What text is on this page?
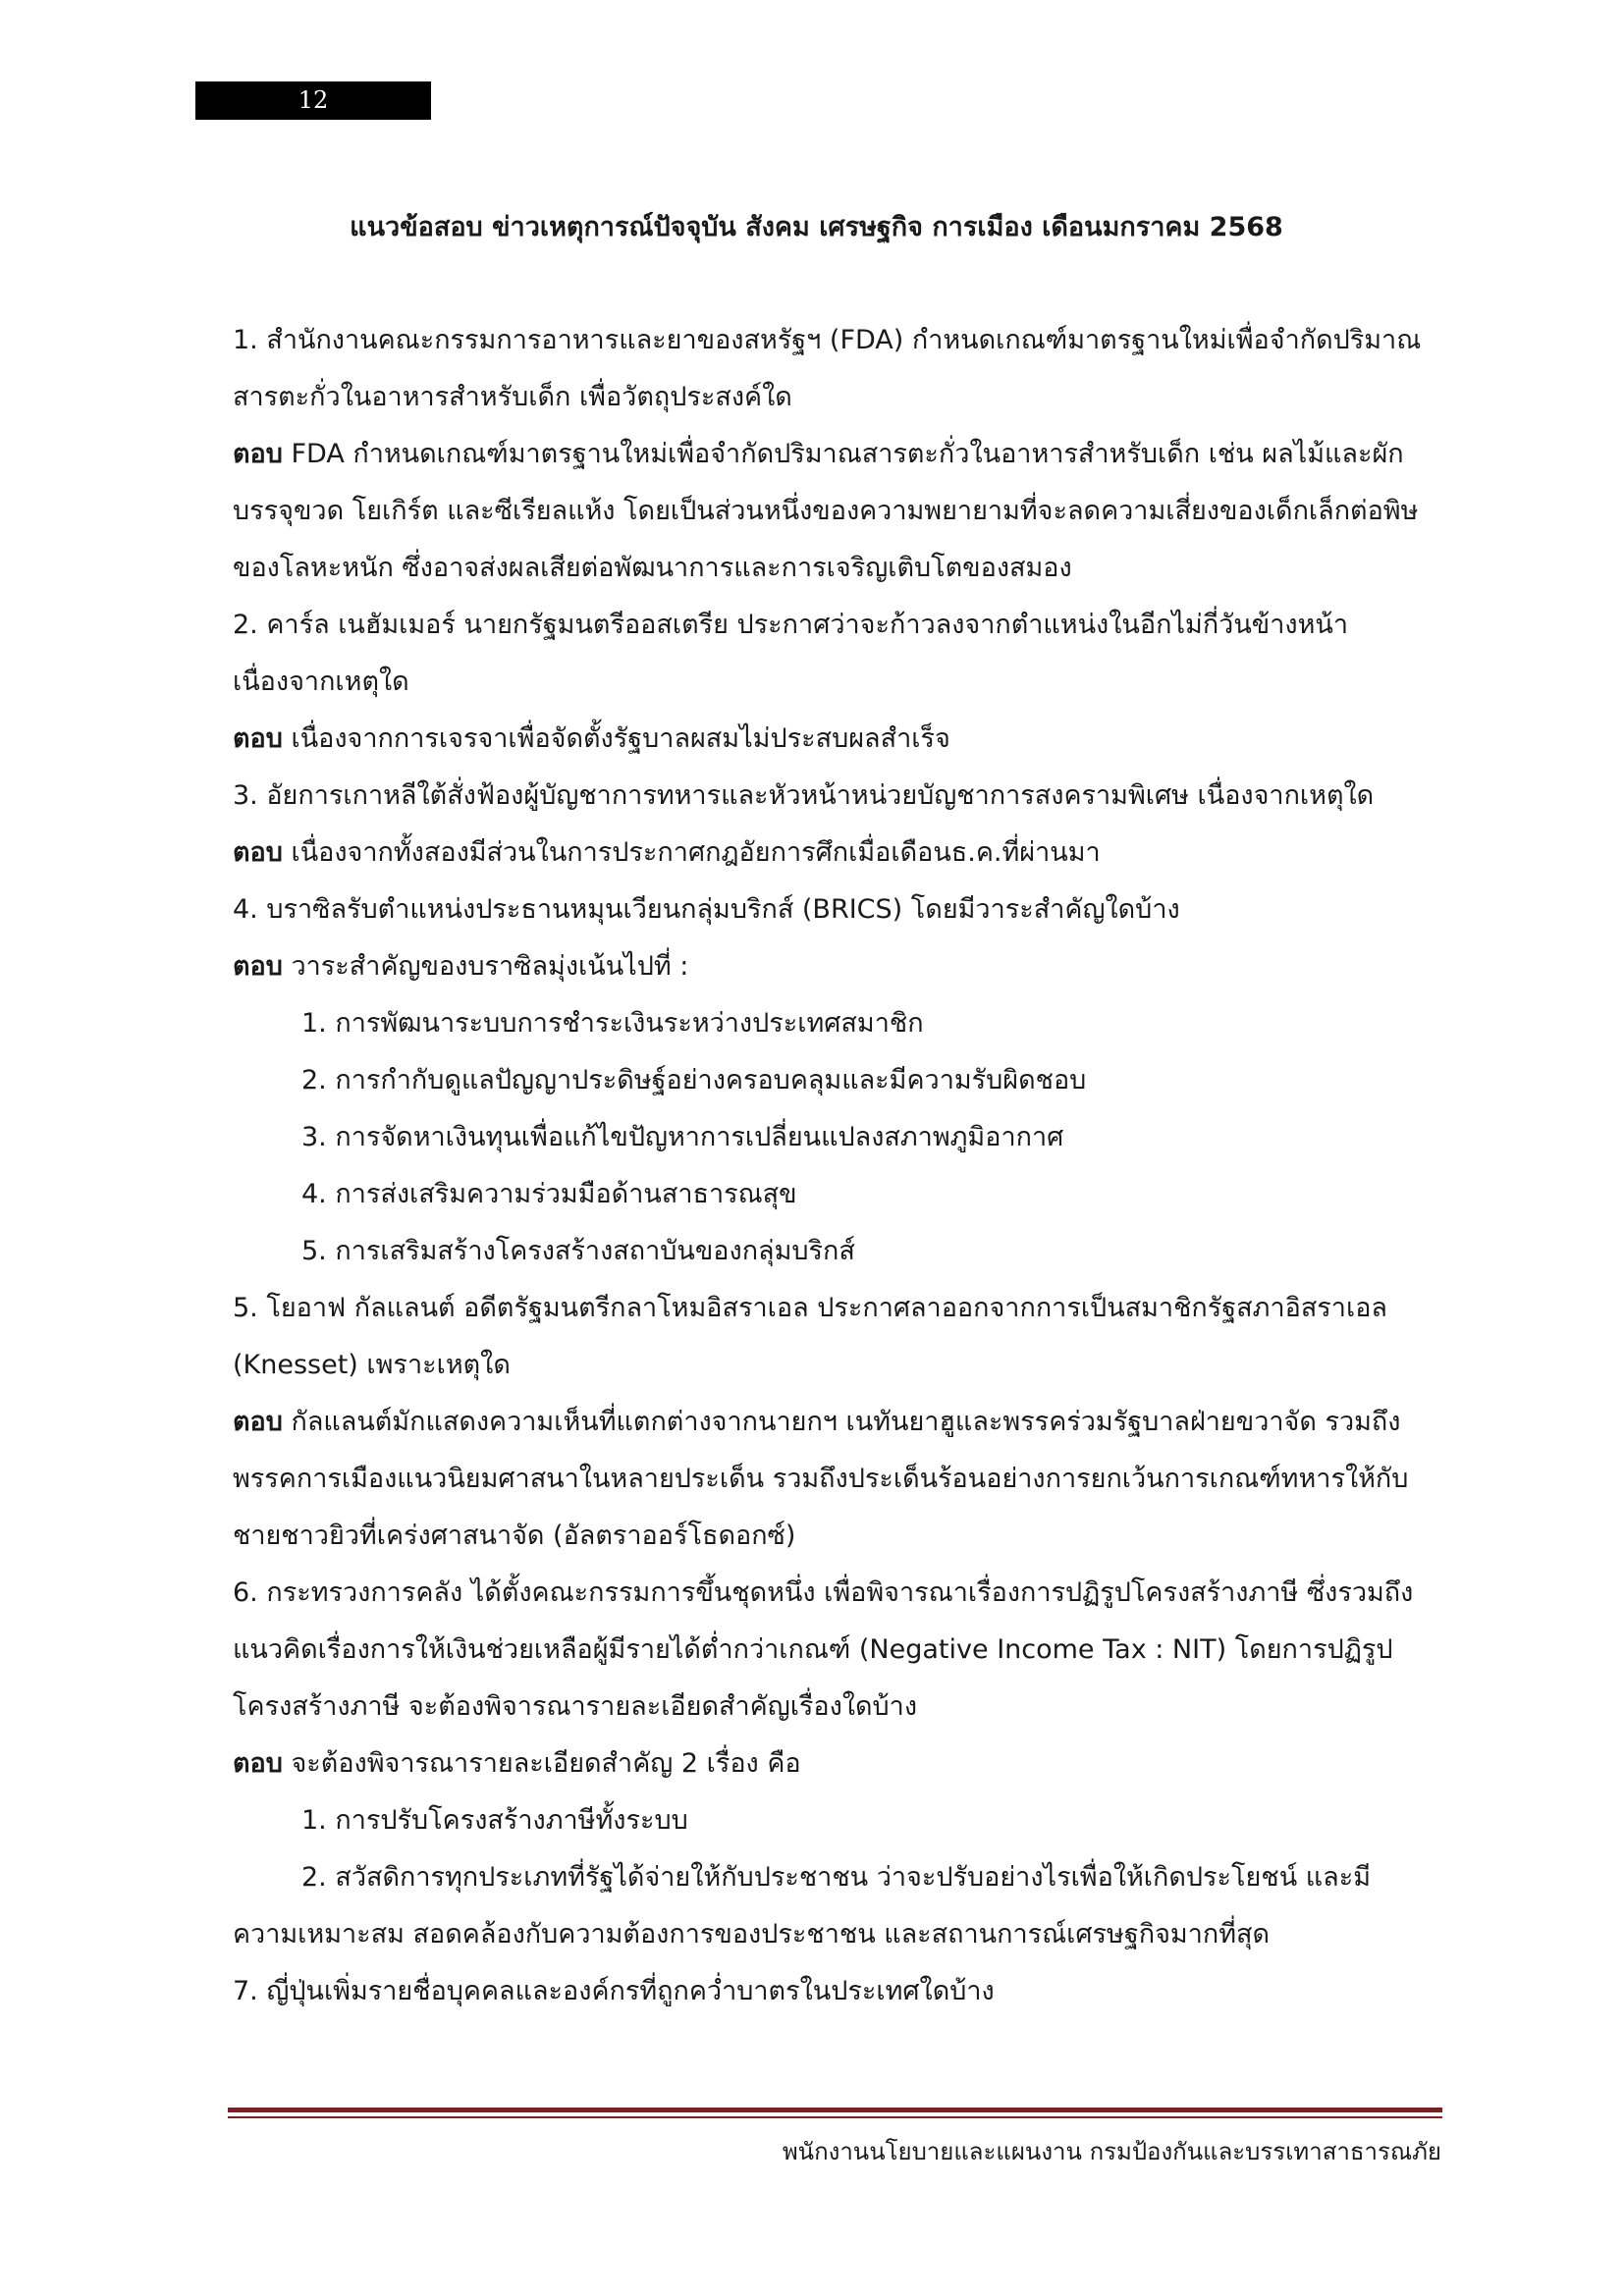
12
แนวข้อสอบ ข่าวเหตุการณ์ปัจจุบัน สังคม เศรษฐกิจ การเมือง เดือนมกราคม 2568

1. สำนักงานคณะกรรมการอาหารและยาของสหรัฐฯ (FDA) กำหนดเกณฑ์มาตรฐานใหม่เพื่อจำกัดปริมาณ

สารตะกั่วในอาหารสำหรับเด็ก เพื่อวัตถุประสงค์ใด

ตอบ FDA กำหนดเกณฑ์มาตรฐานใหม่เพื่อจำกัดปริมาณสารตะกั่วในอาหารสำหรับเด็ก เช่น ผลไม้และผัก

บรรจุขวด โยเกิร์ต และซีเรียลแห้ง โดยเป็นส่วนหนึ่งของความพยายามที่จะลดความเสี่ยงของเด็กเล็กต่อพิษ

ของโลหะหนัก ซึ่งอาจส่งผลเสียต่อพัฒนาการและการเจริญเติบโตของสมอง

2. คาร์ล เนฮัมเมอร์ นายกรัฐมนตรีออสเตรีย ประกาศว่าจะก้าวลงจากตำแหน่งในอีกไม่กี่วันข้างหน้า

เนื่องจากเหตุใด

ตอบ เนื่องจากการเจรจาเพื่อจัดตั้งรัฐบาลผสมไม่ประสบผลสำเร็จ

3. อัยการเกาหลีใต้สั่งฟ้องผู้บัญชาการทหารและหัวหน้าหน่วยบัญชาการสงครามพิเศษ เนื่องจากเหตุใด

ตอบ เนื่องจากทั้งสองมีส่วนในการประกาศกฎอัยการศึกเมื่อเดือนธ.ค.ที่ผ่านมา

4. บราซิลรับตำแหน่งประธานหมุนเวียนกลุ่มบริกส์ (BRICS) โดยมีวาระสำคัญใดบ้าง

ตอบ วาระสำคัญของบราซิลมุ่งเน้นไปที่ :

1. การพัฒนาระบบการชำระเงินระหว่างประเทศสมาชิก

2. การกำกับดูแลปัญญาประดิษฐ์อย่างครอบคลุมและมีความรับผิดชอบ

3. การจัดหาเงินทุนเพื่อแก้ไขปัญหาการเปลี่ยนแปลงสภาพภูมิอากาศ

4. การส่งเสริมความร่วมมือด้านสาธารณสุข

5. การเสริมสร้างโครงสร้างสถาบันของกลุ่มบริกส์

5. โยอาฟ กัลแลนต์ อดีตรัฐมนตรีกลาโหมอิสราเอล ประกาศลาออกจากการเป็นสมาชิกรัฐสภาอิสราเอล

(Knesset) เพราะเหตุใด

ตอบ กัลแลนต์มักแสดงความเห็นที่แตกต่างจากนายกฯ เนทันยาฮูและพรรคร่วมรัฐบาลฝ่ายขวาจัด รวมถึง

พรรคการเมืองแนวนิยมศาสนาในหลายประเด็น รวมถึงประเด็นร้อนอย่างการยกเว้นการเกณฑ์ทหารให้กับ

ชายชาวยิวที่เคร่งศาสนาจัด (อัลตราออร์โธดอกซ์)

6. กระทรวงการคลัง ได้ตั้งคณะกรรมการขึ้นชุดหนึ่ง เพื่อพิจารณาเรื่องการปฏิรูปโครงสร้างภาษี ซึ่งรวมถึง

แนวคิดเรื่องการให้เงินช่วยเหลือผู้มีรายได้ต่ำกว่าเกณฑ์ (Negative Income Tax : NIT) โดยการปฏิรูป

โครงสร้างภาษี จะต้องพิจารณารายละเอียดสำคัญเรื่องใดบ้าง

ตอบ จะต้องพิจารณารายละเอียดสำคัญ 2 เรื่อง คือ

1. การปรับโครงสร้างภาษีทั้งระบบ

2. สวัสดิการทุกประเภทที่รัฐได้จ่ายให้กับประชาชน ว่าจะปรับอย่างไรเพื่อให้เกิดประโยชน์ และมี

ความเหมาะสม สอดคล้องกับความต้องการของประชาชน และสถานการณ์เศรษฐกิจมากที่สุด

7. ญี่ปุ่นเพิ่มรายชื่อบุคคลและองค์กรที่ถูกคว่ำบาตรในประเทศใดบ้าง

พนักงานนโยบายและแผนงาน กรมป้องกันและบรรเทาสาธารณภัย
